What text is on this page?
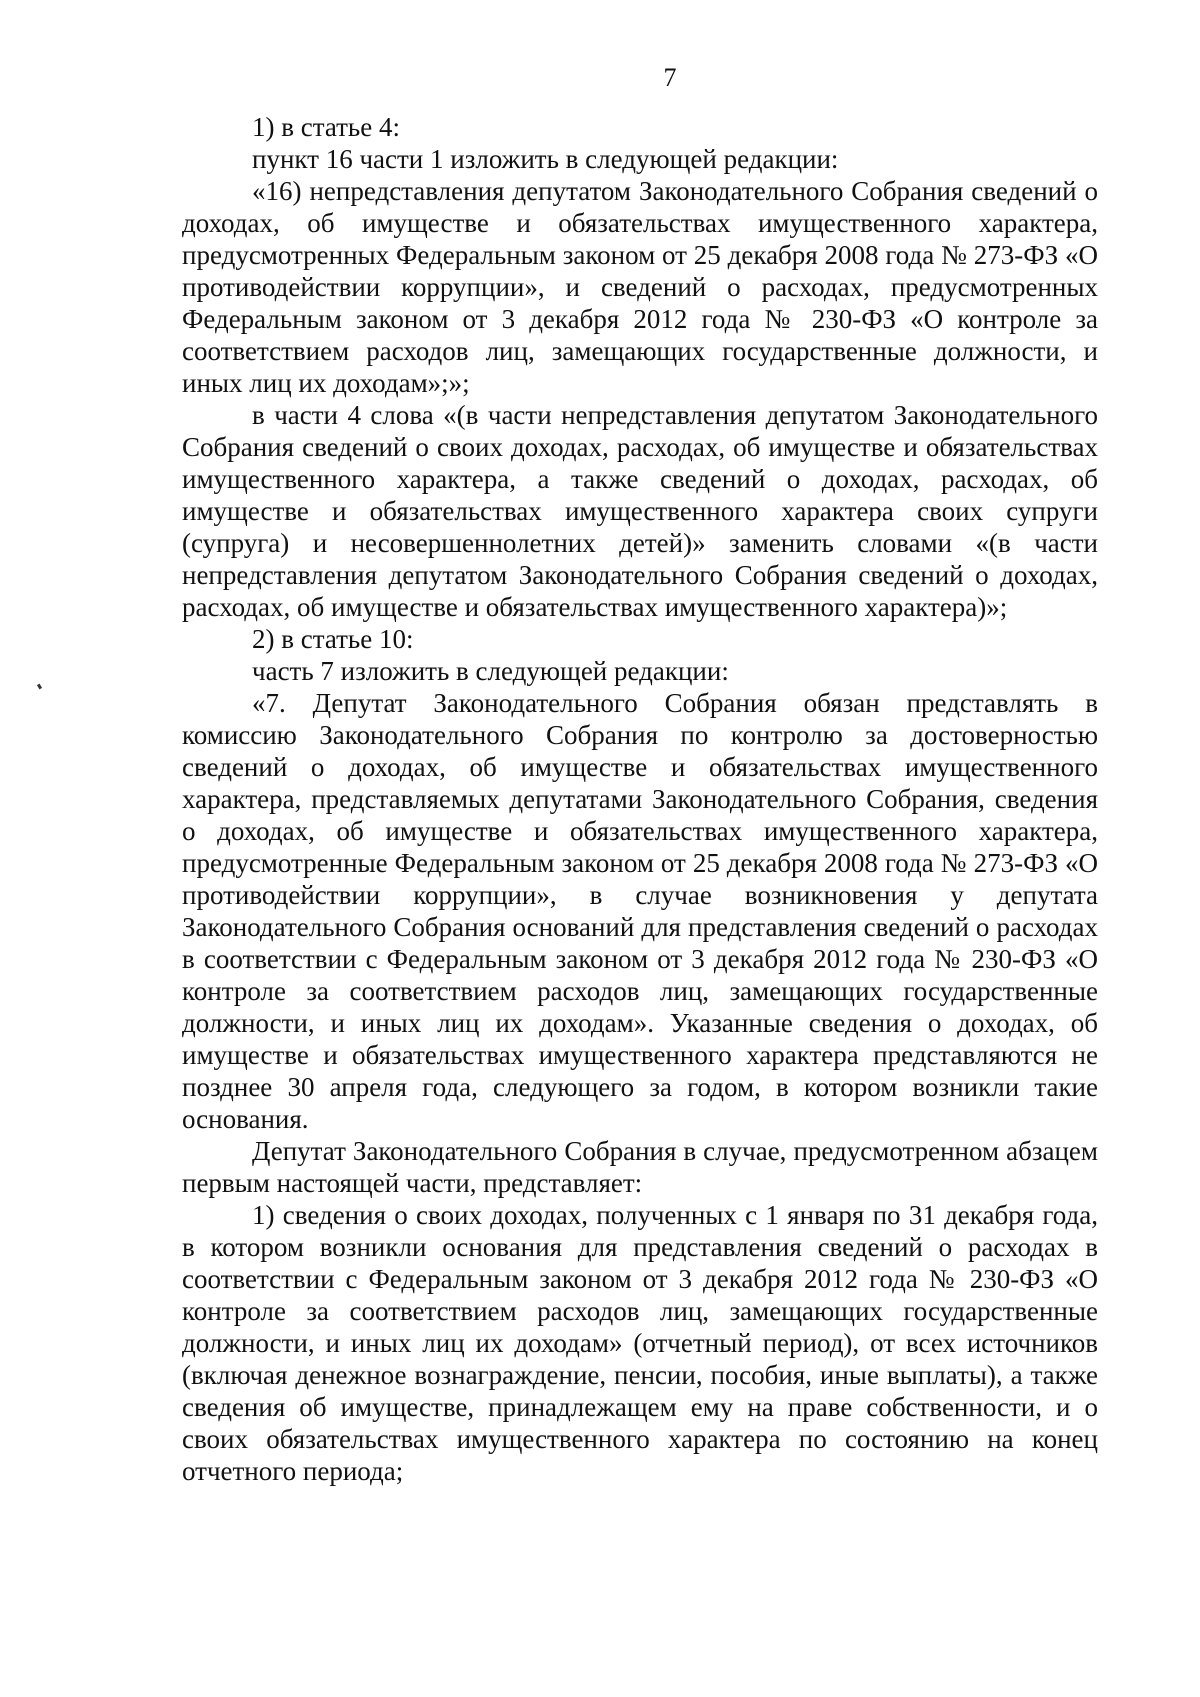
7

1) в статье 4:

пункт 16 части 1 изложить в следующей редакции:

«16) непредставления депутатом Законодательного Собрания сведений о доходах, об имуществе и обязательствах имущественного характера, предусмотренных Федеральным законом от 25 декабря 2008 года № 273-ФЗ «О противодействии коррупции», и сведений о расходах, предусмотренных Федеральным законом от 3 декабря 2012 года № 230-ФЗ «О контроле за соответствием расходов лиц, замещающих государственные должности, и иных лиц их доходам»;»;

в части 4 слова «(в части непредставления депутатом Законодательного Собрания сведений о своих доходах, расходах, об имуществе и обязательствах имущественного характера, а также сведений о доходах, расходах, об имуществе и обязательствах имущественного характера своих супруги (супруга) и несовершеннолетних детей)» заменить словами «(в части непредставления депутатом Законодательного Собрания сведений о доходах, расходах, об имуществе и обязательствах имущественного характера)»;

2) в статье 10:

часть 7 изложить в следующей редакции:

«7. Депутат Законодательного Собрания обязан представлять в комиссию Законодательного Собрания по контролю за достоверностью сведений о доходах, об имуществе и обязательствах имущественного характера, представляемых депутатами Законодательного Собрания, сведения о доходах, об имуществе и обязательствах имущественного характера, предусмотренные Федеральным законом от 25 декабря 2008 года № 273-ФЗ «О противодействии коррупции», в случае возникновения у депутата Законодательного Собрания оснований для представления сведений о расходах в соответствии с Федеральным законом от 3 декабря 2012 года № 230-ФЗ «О контроле за соответствием расходов лиц, замещающих государственные должности, и иных лиц их доходам». Указанные сведения о доходах, об имуществе и обязательствах имущественного характера представляются не позднее 30 апреля года, следующего за годом, в котором возникли такие основания.

Депутат Законодательного Собрания в случае, предусмотренном абзацем первым настоящей части, представляет:

1) сведения о своих доходах, полученных с 1 января по 31 декабря года, в котором возникли основания для представления сведений о расходах в соответствии с Федеральным законом от 3 декабря 2012 года № 230-ФЗ «О контроле за соответствием расходов лиц, замещающих государственные должности, и иных лиц их доходам» (отчетный период), от всех источников (включая денежное вознаграждение, пенсии, пособия, иные выплаты), а также сведения об имуществе, принадлежащем ему на праве собственности, и о своих обязательствах имущественного характера по состоянию на конец отчетного периода;
